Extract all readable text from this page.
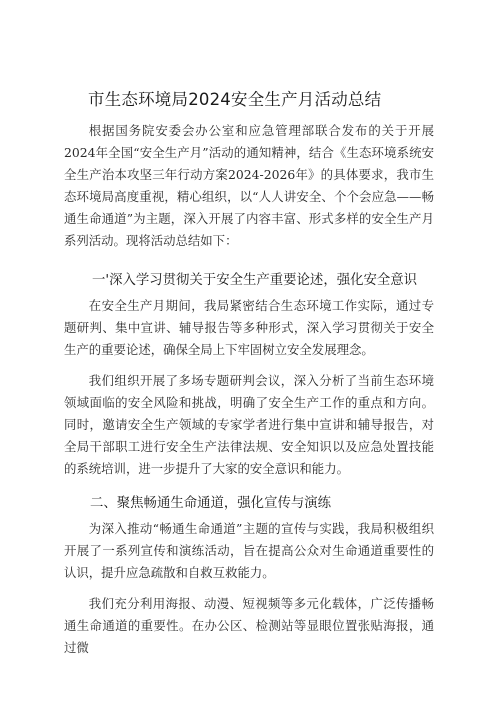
市生态环境局2024安全生产月活动总结

根据国务院安委会办公室和应急管理部联合发布的关于开展2024年全国“安全生产月”活动的通知精神，结合《生态环境系统安全生产治本攻坚三年行动方案2024-2026年》的具体要求，我市生态环境局高度重视，精心组织，以“人人讲安全、个个会应急——畅通生命通道”为主题，深入开展了内容丰富、形式多样的安全生产月系列活动。现将活动总结如下：

一'深入学习贯彻关于安全生产重要论述，强化安全意识

在安全生产月期间，我局紧密结合生态环境工作实际，通过专题研判、集中宣讲、辅导报告等多种形式，深入学习贯彻关于安全生产的重要论述，确保全局上下牢固树立安全发展理念。

我们组织开展了多场专题研判会议，深入分析了当前生态环境领域面临的安全风险和挑战，明确了安全生产工作的重点和方向。同时，邀请安全生产领域的专家学者进行集中宣讲和辅导报告，对全局干部职工进行安全生产法律法规、安全知识以及应急处置技能的系统培训，进一步提升了大家的安全意识和能力。

二、聚焦畅通生命通道，强化宣传与演练

为深入推动“畅通生命通道”主题的宣传与实践，我局积极组织开展了一系列宣传和演练活动，旨在提高公众对生命通道重要性的认识，提升应急疏散和自救互救能力。

我们充分利用海报、动漫、短视频等多元化载体，广泛传播畅通生命通道的重要性。在办公区、检测站等显眼位置张贴海报，通过微
